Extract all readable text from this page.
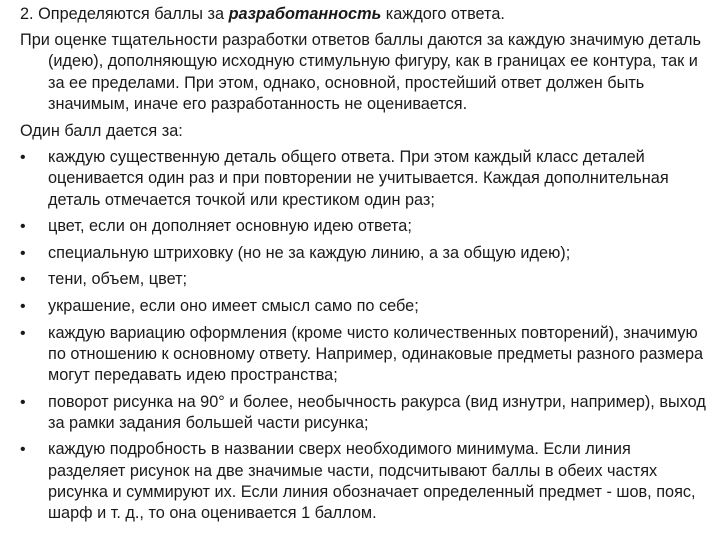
2. Определяются баллы за разработанность каждого ответа.

При оценке тщательности разработки ответов баллы даются за каждую значимую деталь (идею), дополняющую исходную стимульную фигуру, как в границах ее контура, так и за ее пределами. При этом, однако, основной, простейший ответ должен быть значимым, иначе его разработанность не оценивается.

Один балл дается за:

• каждую существенную деталь общего ответа. При этом каждый класс деталей оценивается один раз и при повторении не учитывается. Каждая дополнительная деталь отмечается точкой или крестиком один раз;
• цвет, если он дополняет основную идею ответа;
• специальную штриховку (но не за каждую линию, а за общую идею);
• тени, объем, цвет;
• украшение, если оно имеет смысл само по себе;
• каждую вариацию оформления (кроме чисто количественных повторений), значимую по отношению к основному ответу. Например, одинаковые предметы разного размера могут передавать идею пространства;
• поворот рисунка на 90° и более, необычность ракурса (вид изнутри, например), выход за рамки задания большей части рисунка;
• каждую подробность в названии сверх необходимого минимума. Если линия разделяет рисунок на две значимые части, подсчитывают баллы в обеих частях рисунка и суммируют их. Если линия обозначает определенный предмет - шов, пояс, шарф и т. д., то она оценивается 1 баллом.
